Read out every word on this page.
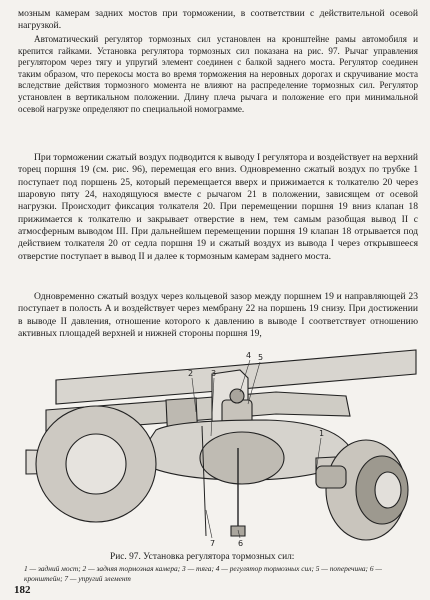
мозным камерам задних мостов при торможении, в соответствии с действительной осевой нагрузкой.

Автоматический регулятор тормозных сил установлен на кронштейне рамы автомобиля и крепится гайками. Установка регулятора тормозных сил показана на рис. 97. Рычаг управления регулятором через тягу и упругий элемент соединен с балкой заднего моста. Регулятор соединен таким образом, что перекосы моста во время торможения на неровных дорогах и скручивание моста вследствие действия тормозного момента не влияют на распределение тормозных сил. Регулятор установлен в вертикальном положении. Длину плеча рычага и положение его при минимальной осевой нагрузке определяют по специальной номограмме.

При торможении сжатый воздух подводится к выводу I регулятора и воздействует на верхний торец поршня 19 (см. рис. 96), перемещая его вниз. Одновременно сжатый воздух по трубке 1 поступает под поршень 25, который перемещается вверх и прижимается к толкателю 20 через шаровую пяту 24, находящуюся вместе с рычагом 21 в положении, зависящем от осевой нагрузки. Происходит фиксация толкателя 20. При перемещении поршня 19 вниз клапан 18 прижимается к толкателю и закрывает отверстие в нем, тем самым разобщая вывод II с атмосферным выводом III. При дальнейшем перемещении поршня 19 клапан 18 отрывается под действием толкателя 20 от седла поршня 19 и сжатый воздух из вывода I через открывшееся отверстие поступает в вывод II и далее к тормозным камерам заднего моста.

Одновременно сжатый воздух через кольцевой зазор между поршнем 19 и направляющей 23 поступает в полость A и воздействует через мембрану 22 на поршень 19 снизу. При достижении в выводе II давления, отношение которого к давлению в выводе I соответствует отношению активных площадей верхней и нижней стороны поршня 19,

4 5
2 3
1
7	6
Рис. 97. Установка регулятора тормозных сил:
1 — задний мост; 2 — задняя тормозная камера; 3 — тяга; 4 — регулятор тормозных сил; 5 — поперечина; 6 — кронштейн; 7 — упругий элемент
182
